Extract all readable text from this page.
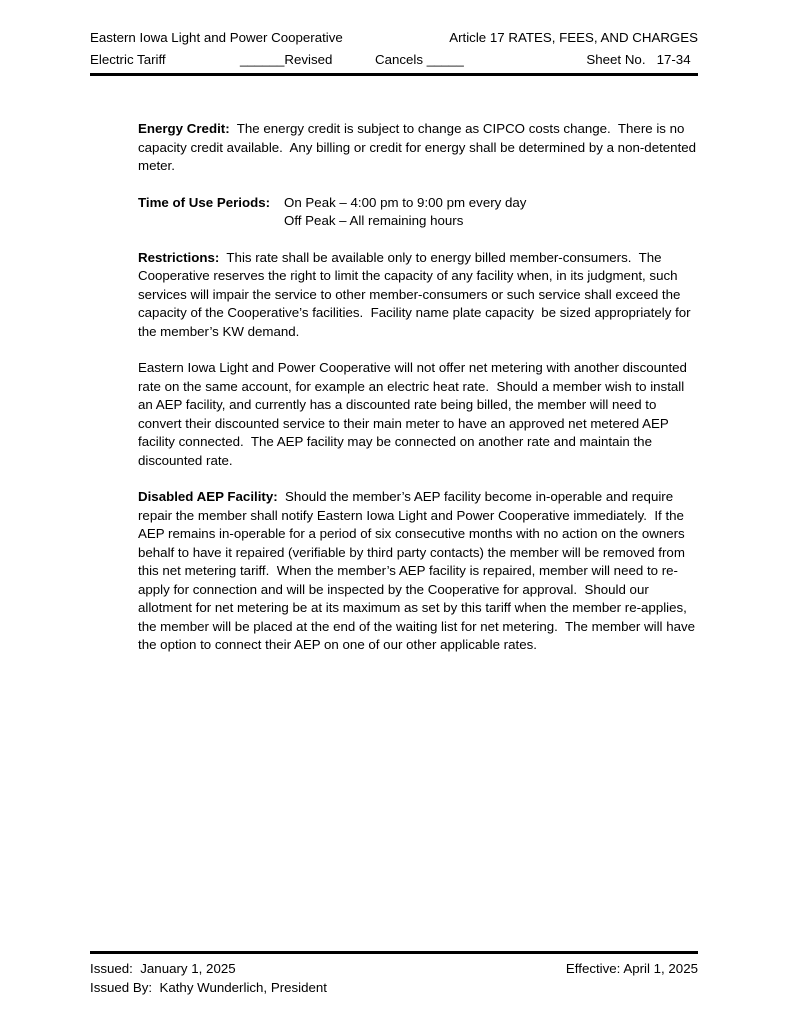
Eastern Iowa Light and Power Cooperative	Article 17 RATES, FEES, AND CHARGES
Electric Tariff	______Revised	Cancels _____	Sheet No.   17-34

Energy Credit:  The energy credit is subject to change as CIPCO costs change.  There is no capacity credit available.  Any billing or credit for energy shall be determined by a non-detented meter.

Time of Use Periods:	On Peak – 4:00 pm to 9:00 pm every day
Off Peak – All remaining hours

Restrictions:  This rate shall be available only to energy billed member-consumers.  The Cooperative reserves the right to limit the capacity of any facility when, in its judgment, such services will impair the service to other member-consumers or such service shall exceed the capacity of the Cooperative’s facilities.  Facility name plate capacity  be sized appropriately for the member’s KW demand.

Eastern Iowa Light and Power Cooperative will not offer net metering with another discounted rate on the same account, for example an electric heat rate.  Should a member wish to install an AEP facility, and currently has a discounted rate being billed, the member will need to convert their discounted service to their main meter to have an approved net metered AEP facility connected.  The AEP facility may be connected on another rate and maintain the discounted rate.

Disabled AEP Facility:  Should the member’s AEP facility become in-operable and require repair the member shall notify Eastern Iowa Light and Power Cooperative immediately.  If the AEP remains in-operable for a period of six consecutive months with no action on the owners behalf to have it repaired (verifiable by third party contacts) the member will be removed from this net metering tariff.  When the member’s AEP facility is repaired, member will need to re-apply for connection and will be inspected by the Cooperative for approval.  Should our allotment for net metering be at its maximum as set by this tariff when the member re-applies, the member will be placed at the end of the waiting list for net metering.  The member will have the option to connect their AEP on one of our other applicable rates.

Issued:  January 1, 2025	Effective: April 1, 2025
Issued By:  Kathy Wunderlich, President
